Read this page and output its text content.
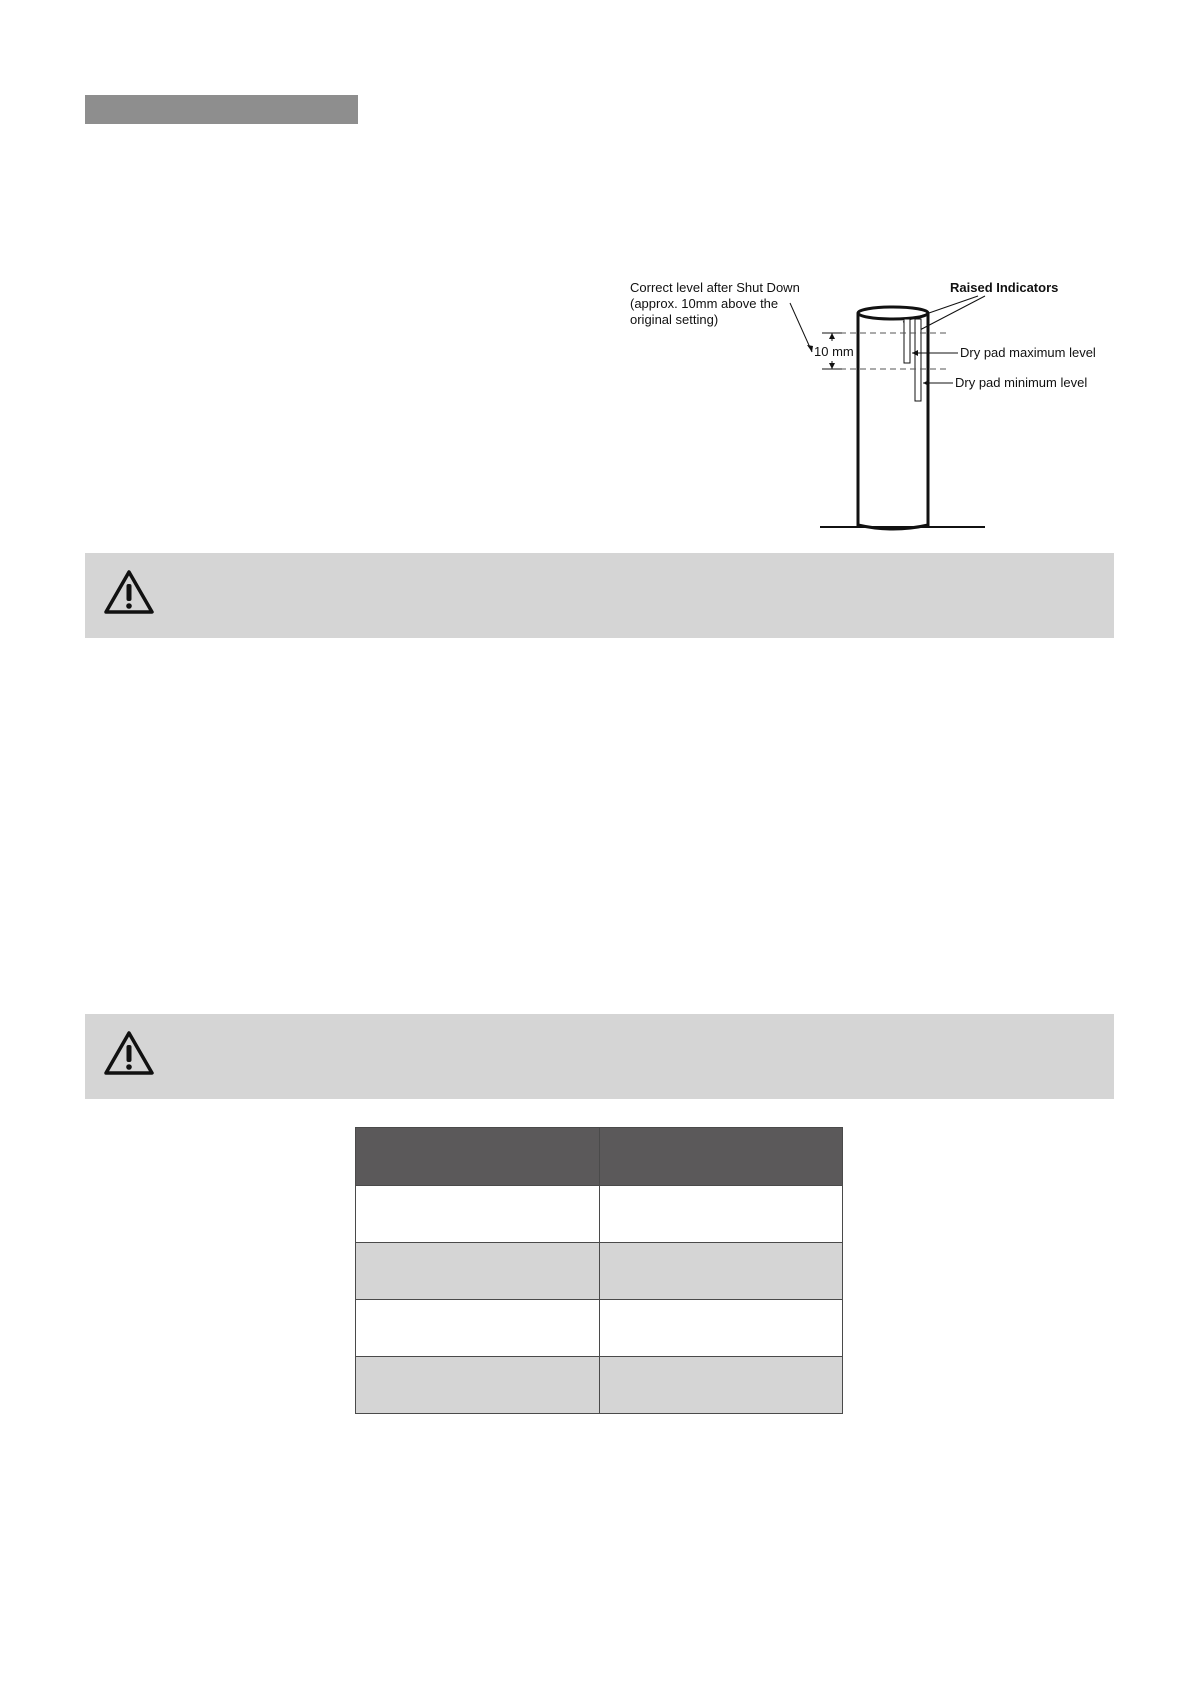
Correct level after Shut Down
(approx. 10mm above the
original setting)
Raised Indicators
10 mm	Dry pad maximum level
Dry pad minimum level
